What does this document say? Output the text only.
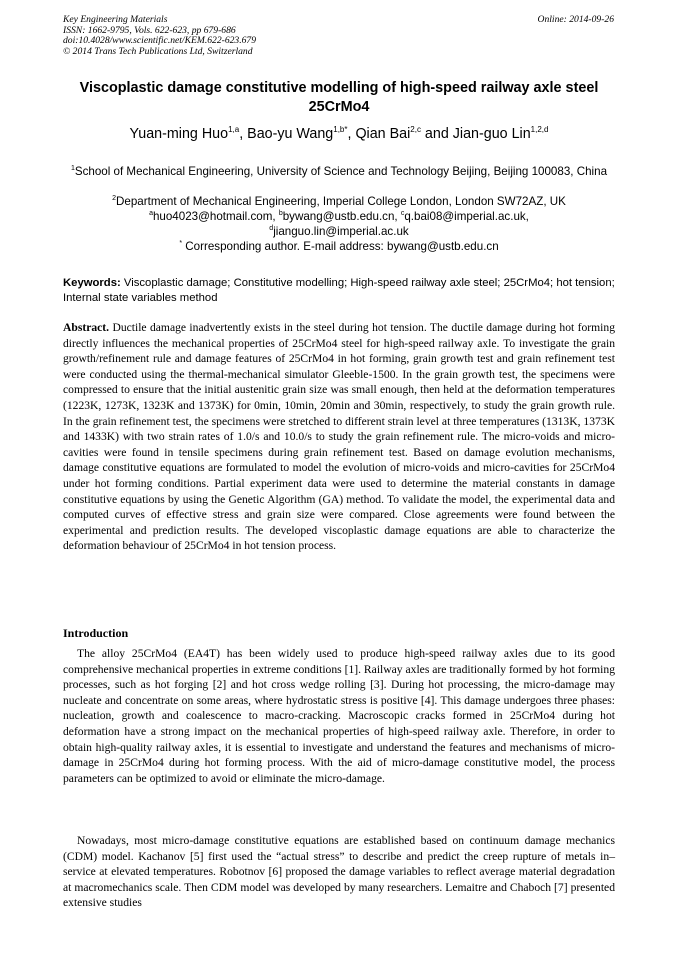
Key Engineering Materials
ISSN: 1662-9795, Vols. 622-623, pp 679-686
doi:10.4028/www.scientific.net/KEM.622-623.679
© 2014 Trans Tech Publications Ltd, Switzerland
Online: 2014-09-26
Viscoplastic damage constitutive modelling of high-speed railway axle steel 25CrMo4
Yuan-ming Huo$^{1,a}$, Bao-yu Wang$^{1,b*}$, Qian Bai$^{2,c}$ and Jian-guo Lin$^{1,2,d}$
$^1$School of Mechanical Engineering, University of Science and Technology Beijing, Beijing 100083, China
$^2$Department of Mechanical Engineering, Imperial College London, London SW72AZ, UK
$^a$huo4023@hotmail.com, $^b$bywang@ustb.edu.cn, $^c$q.bai08@imperial.ac.uk,
$^d$jianguo.lin@imperial.ac.uk
* Corresponding author. E-mail address: bywang@ustb.edu.cn
Keywords: Viscoplastic damage; Constitutive modelling; High-speed railway axle steel; 25CrMo4; hot tension; Internal state variables method
Abstract. Ductile damage inadvertently exists in the steel during hot tension. The ductile damage during hot forming directly influences the mechanical properties of 25CrMo4 steel for high-speed railway axle. To investigate the grain growth/refinement rule and damage features of 25CrMo4 in hot forming, grain growth test and grain refinement test were conducted using the thermal-mechanical simulator Gleeble-1500. In the grain growth test, the specimens were compressed to ensure that the initial austenitic grain size was small enough, then held at the deformation temperatures (1223K, 1273K, 1323K and 1373K) for 0min, 10min, 20min and 30min, respectively, to study the grain growth rule. In the grain refinement test, the specimens were stretched to different strain level at three temperatures (1313K, 1373K and 1433K) with two strain rates of 1.0/s and 10.0/s to study the grain refinement rule. The micro-voids and micro-cavities were found in tensile specimens during grain refinement test. Based on damage evolution mechanisms, damage constitutive equations are formulated to model the evolution of micro-voids and micro-cavities for 25CrMo4 under hot forming conditions. Partial experiment data were used to determine the material constants in damage constitutive equations by using the Genetic Algorithm (GA) method. To validate the model, the experimental data and computed curves of effective stress and grain size were compared. Close agreements were found between the experimental and prediction results. The developed viscoplastic damage equations are able to characterize the deformation behaviour of 25CrMo4 in hot tension process.
Introduction
The alloy 25CrMo4 (EA4T) has been widely used to produce high-speed railway axles due to its good comprehensive mechanical properties in extreme conditions [1]. Railway axles are traditionally formed by hot forming processes, such as hot forging [2] and hot cross wedge rolling [3]. During hot processing, the micro-damage may nucleate and concentrate on some areas, where hydrostatic stress is positive [4]. This damage undergoes three phases: nucleation, growth and coalescence to macro-cracking. Macroscopic cracks formed in 25CrMo4 during hot deformation have a strong impact on the mechanical properties of high-speed railway axle. Therefore, in order to obtain high-quality railway axles, it is essential to investigate and understand the features and mechanisms of micro-damage in 25CrMo4 during hot forming process. With the aid of micro-damage constitutive model, the process parameters can be optimized to avoid or eliminate the micro-damage.
Nowadays, most micro-damage constitutive equations are established based on continuum damage mechanics (CDM) model. Kachanov [5] first used the “actual stress” to describe and predict the creep rupture of metals in–service at elevated temperatures. Robotnov [6] proposed the damage variables to reflect average material degradation at macromechanics scale. Then CDM model was developed by many researchers. Lemaitre and Chaboch [7] presented extensive studies
